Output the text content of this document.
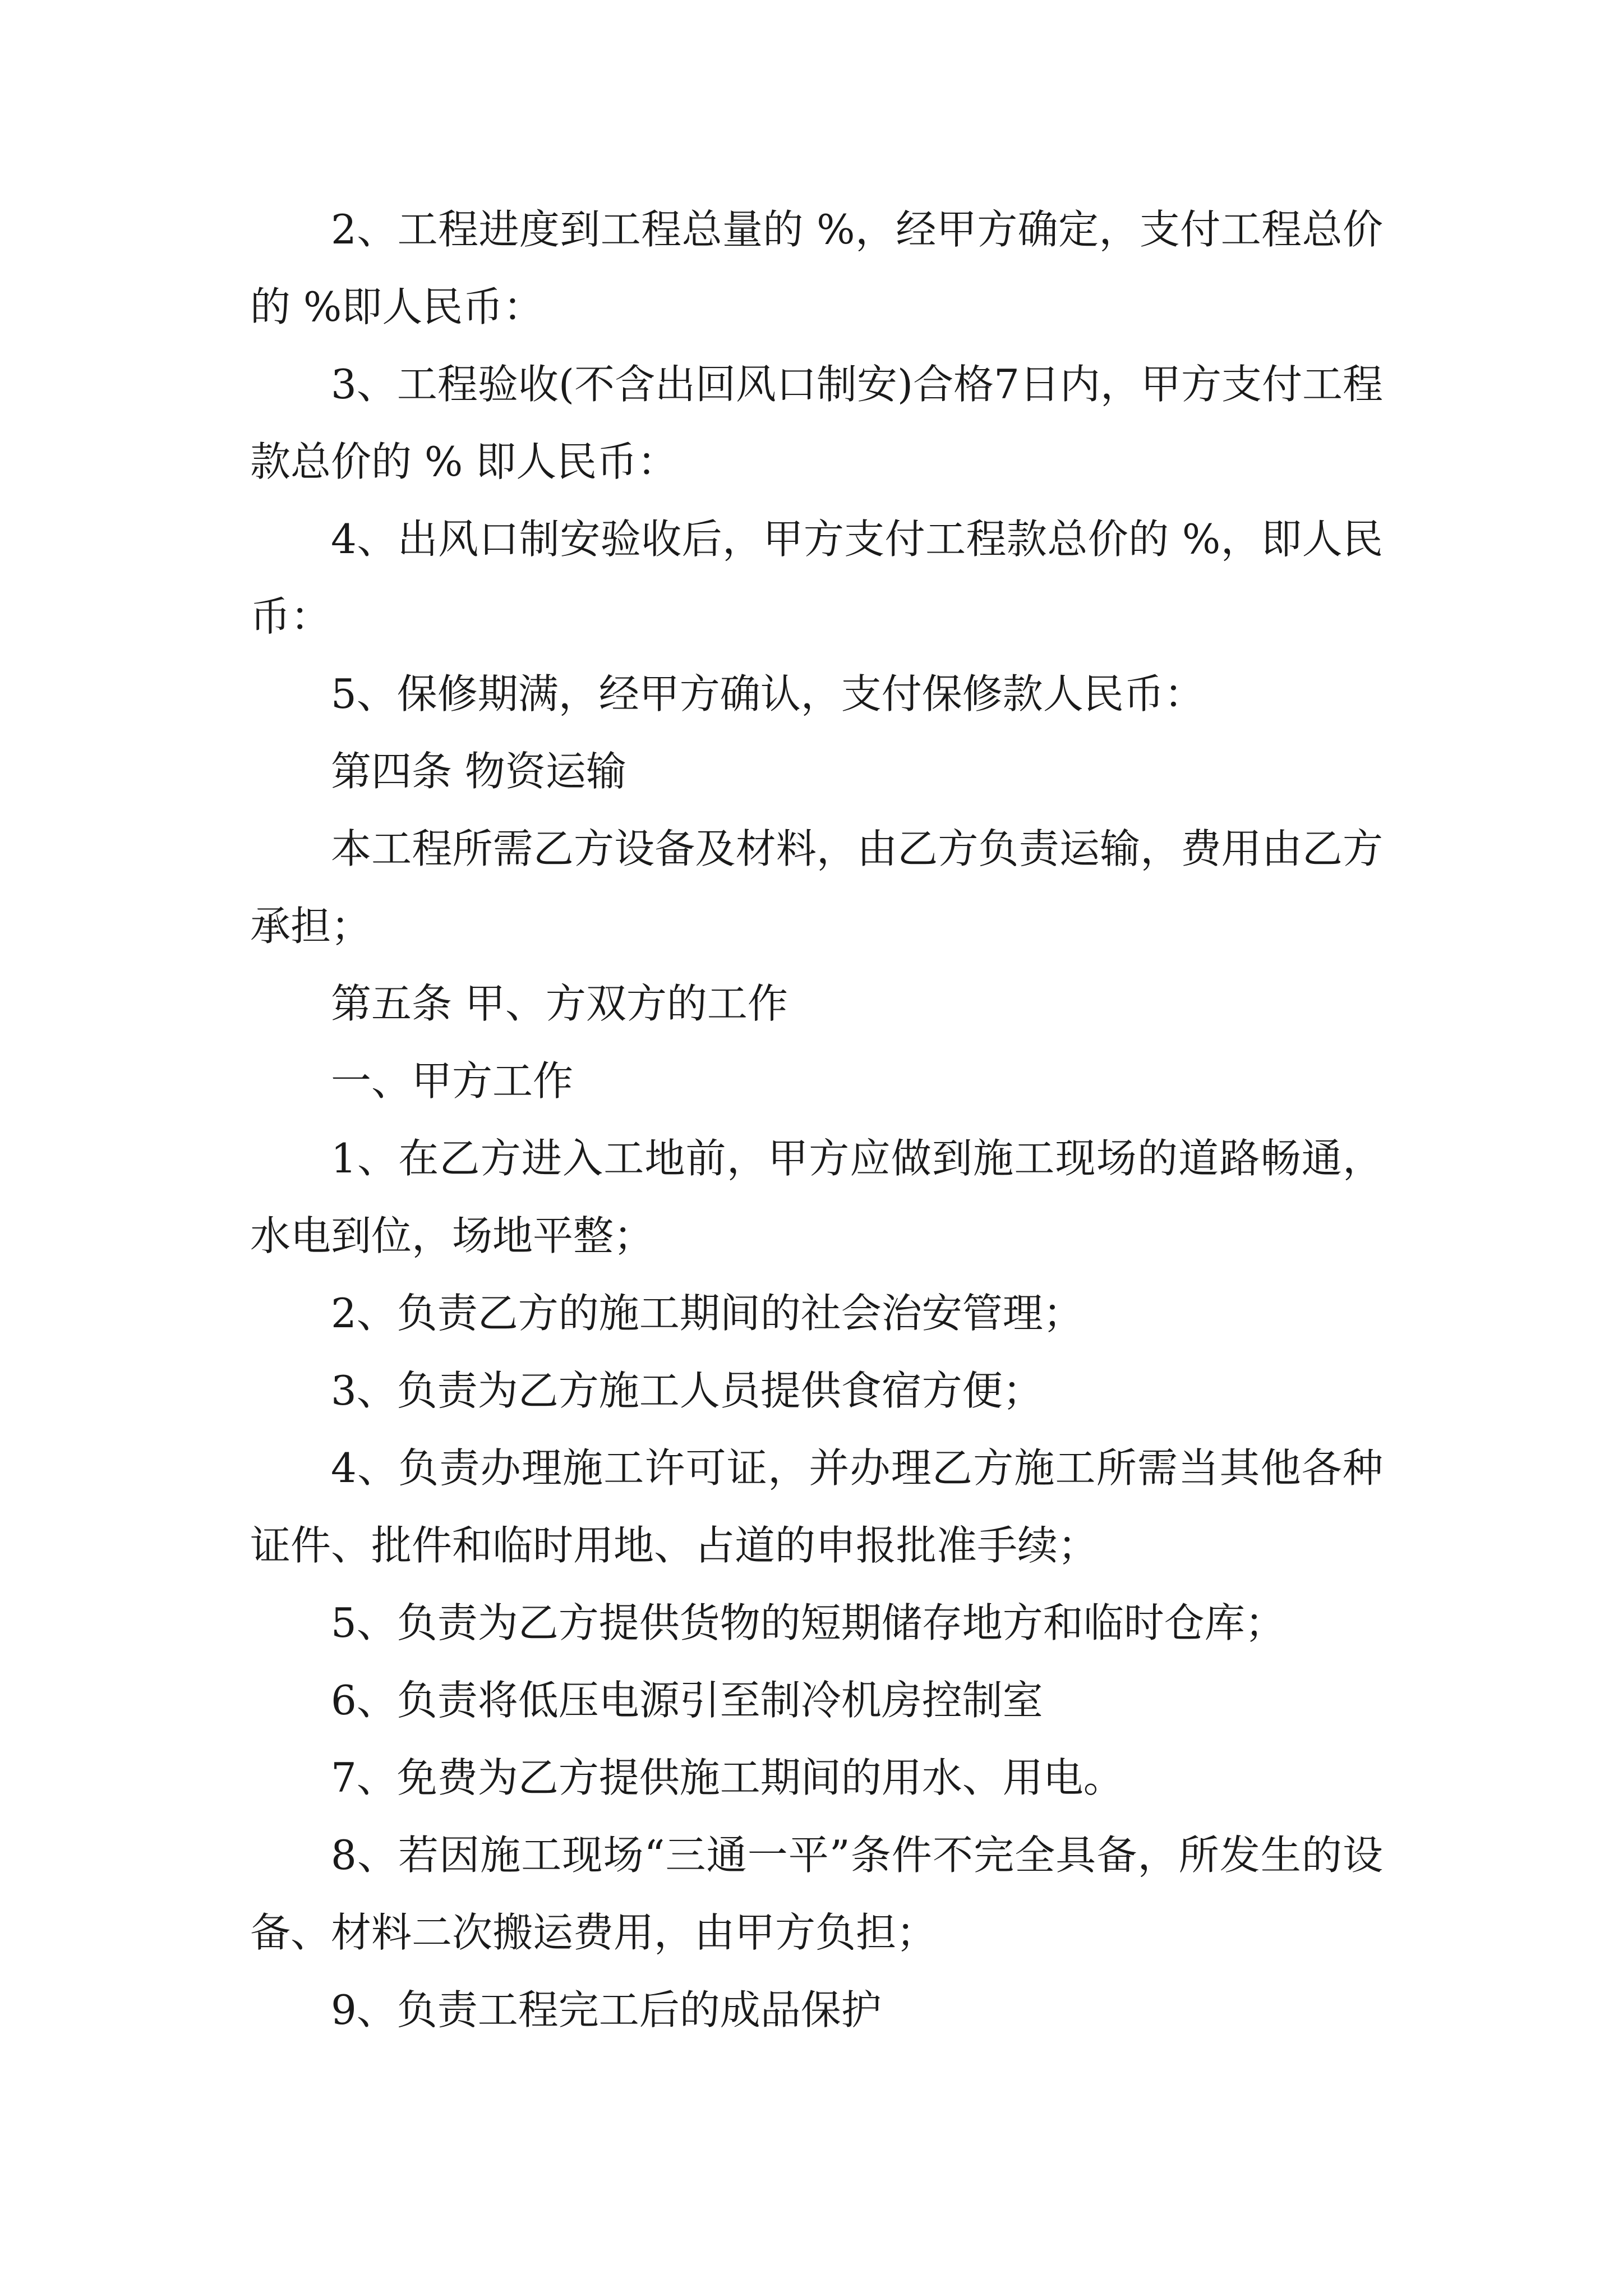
2、工程进度到工程总量的 %，经甲方确定，支付工程总价的 %即人民币：

3、工程验收(不含出回风口制安)合格7日内，甲方支付工程款总价的 % 即人民币：

4、出风口制安验收后，甲方支付工程款总价的 %，即人民币：

5、保修期满，经甲方确认，支付保修款人民币：

第四条 物资运输

本工程所需乙方设备及材料，由乙方负责运输，费用由乙方承担；

第五条 甲、方双方的工作

一、甲方工作

1、在乙方进入工地前，甲方应做到施工现场的道路畅通，水电到位，场地平整；

2、负责乙方的施工期间的社会治安管理；

3、负责为乙方施工人员提供食宿方便；

4、负责办理施工许可证，并办理乙方施工所需当其他各种证件、批件和临时用地、占道的申报批准手续；

5、负责为乙方提供货物的短期储存地方和临时仓库；

6、负责将低压电源引至制冷机房控制室

7、免费为乙方提供施工期间的用水、用电。

8、若因施工现场“三通一平”条件不完全具备，所发生的设备、材料二次搬运费用，由甲方负担；

9、负责工程完工后的成品保护
